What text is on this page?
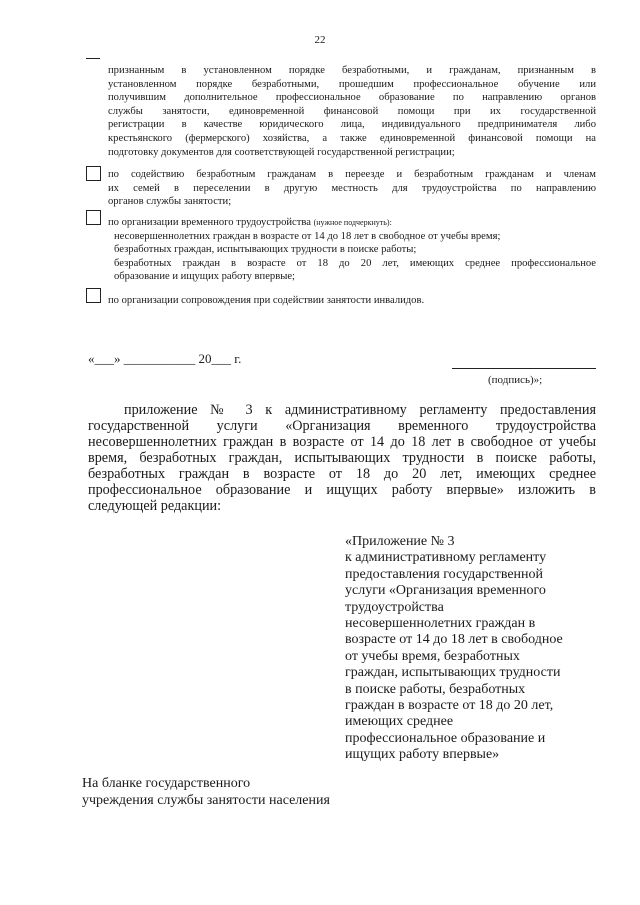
22
признанным в установленном порядке безработными, и гражданам, признанным в
установленном порядке безработными, прошедшим профессиональное обучение или
получившим дополнительное профессиональное образование по направлению органов
службы занятости, единовременной финансовой помощи при их государственной
регистрации в качестве юридического лица, индивидуального предпринимателя либо
крестьянского (фермерского) хозяйства, а также единовременной финансовой помощи на
подготовку документов для соответствующей государственной регистрации;
по содействию безработным гражданам в переезде и безработным гражданам и членам
их семей в переселении в другую местность для трудоустройства по направлению
органов службы занятости;
по организации временного трудоустройства (нужное подчеркнуть):
несовершеннолетних граждан в возрасте от 14 до 18 лет в свободное от учебы время;
безработных граждан, испытывающих трудности в поиске работы;
безработных граждан в возрасте от 18 до 20 лет, имеющих среднее профессиональное
образование и ищущих работу впервые;
по организации сопровождения при содействии занятости инвалидов.
«___» ___________ 20___ г.
(подпись)»;
приложение № 3 к административному регламенту предоставления
государственной услуги «Организация временного трудоустройства
несовершеннолетних граждан в возрасте от 14 до 18 лет в свободное от учебы
время, безработных граждан, испытывающих трудности в поиске работы,
безработных граждан в возрасте от 18 до 20 лет, имеющих среднее
профессиональное образование и ищущих работу впервые» изложить в
следующей редакции:
«Приложение № 3
к административному регламенту
предоставления государственной
услуги «Организация временного
трудоустройства
несовершеннолетних граждан в
возрасте от 14 до 18 лет в свободное
от учебы время, безработных
граждан, испытывающих трудности
в поиске работы, безработных
граждан в возрасте от 18 до 20 лет,
имеющих среднее
профессиональное образование и
ищущих работу впервые»
На бланке государственного
учреждения службы занятости населения
